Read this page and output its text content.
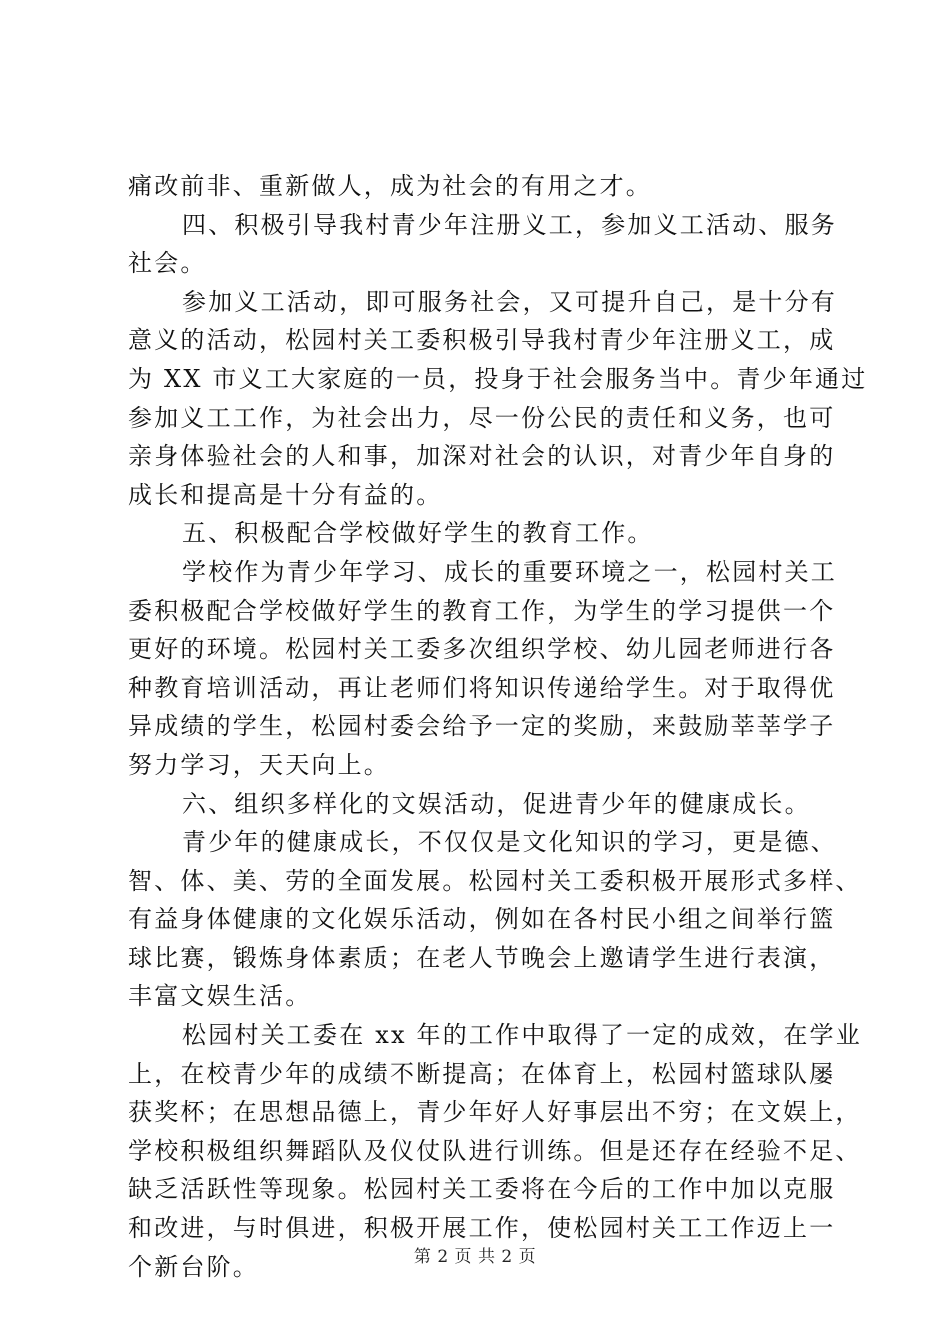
痛改前非、重新做人，成为社会的有用之才。
四、积极引导我村青少年注册义工，参加义工活动、服务
社会。
参加义工活动，即可服务社会，又可提升自己，是十分有
意义的活动，松园村关工委积极引导我村青少年注册义工，成
为 XX 市义工大家庭的一员，投身于社会服务当中。青少年通过
参加义工工作，为社会出力，尽一份公民的责任和义务，也可
亲身体验社会的人和事，加深对社会的认识，对青少年自身的
成长和提高是十分有益的。
五、积极配合学校做好学生的教育工作。
学校作为青少年学习、成长的重要环境之一，松园村关工
委积极配合学校做好学生的教育工作，为学生的学习提供一个
更好的环境。松园村关工委多次组织学校、幼儿园老师进行各
种教育培训活动，再让老师们将知识传递给学生。对于取得优
异成绩的学生，松园村委会给予一定的奖励，来鼓励莘莘学子
努力学习，天天向上。
六、组织多样化的文娱活动，促进青少年的健康成长。
青少年的健康成长，不仅仅是文化知识的学习，更是德、
智、体、美、劳的全面发展。松园村关工委积极开展形式多样、
有益身体健康的文化娱乐活动，例如在各村民小组之间举行篮
球比赛，锻炼身体素质；在老人节晚会上邀请学生进行表演，
丰富文娱生活。
松园村关工委在 xx 年的工作中取得了一定的成效，在学业
上，在校青少年的成绩不断提高；在体育上，松园村篮球队屡
获奖杯；在思想品德上，青少年好人好事层出不穷；在文娱上，
学校积极组织舞蹈队及仪仗队进行训练。但是还存在经验不足、
缺乏活跃性等现象。松园村关工委将在今后的工作中加以克服
和改进，与时俱进，积极开展工作，使松园村关工工作迈上一
个新台阶。	第 2 页 共 2 页
